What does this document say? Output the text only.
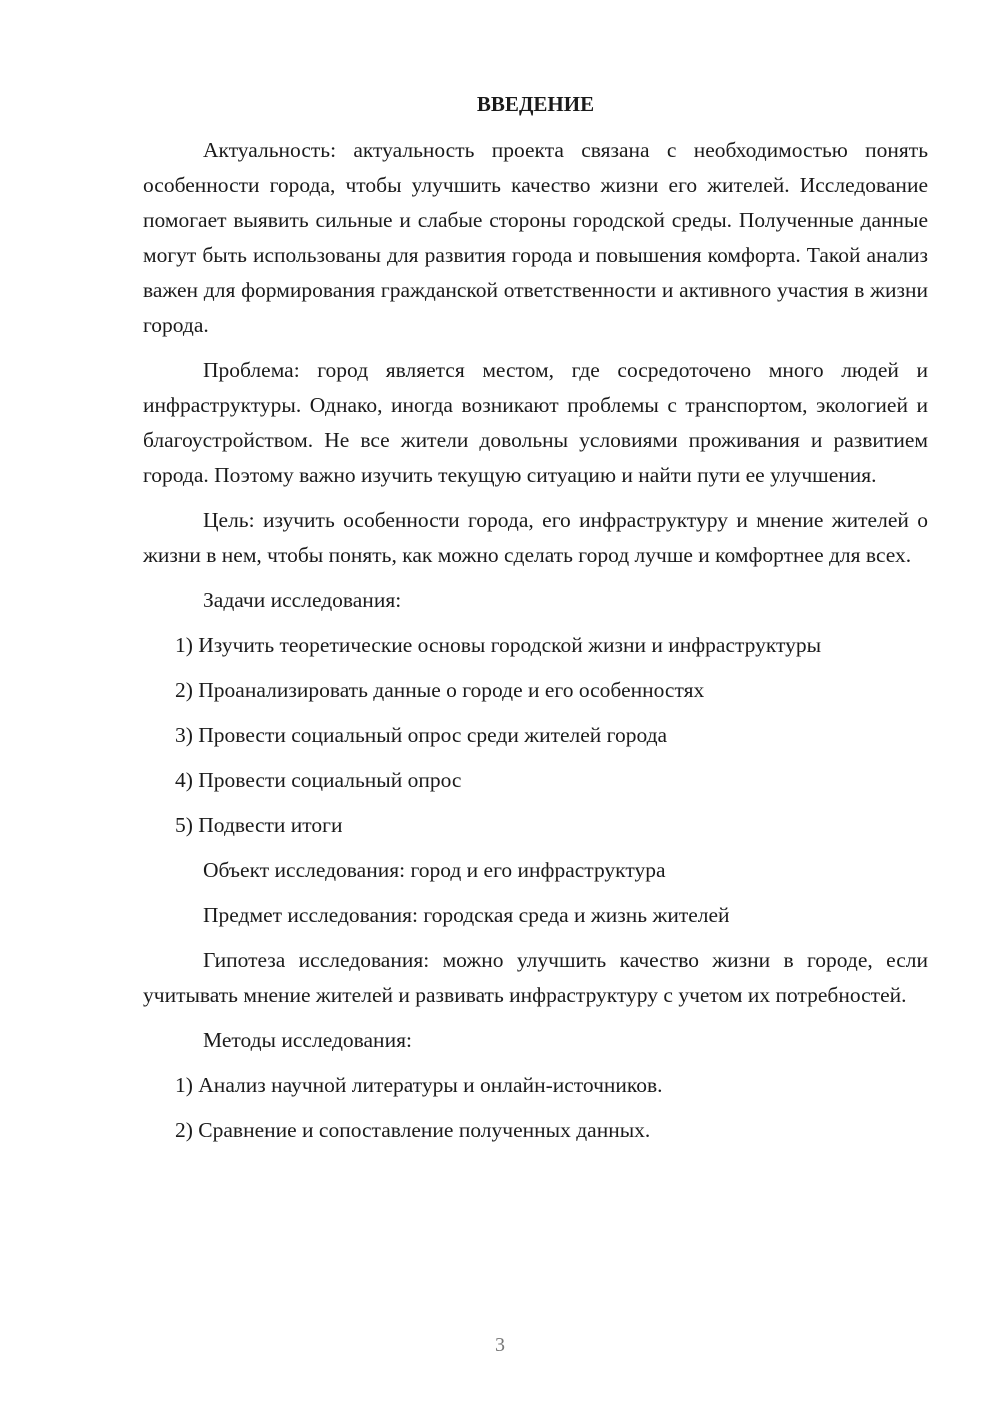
ВВЕДЕНИЕ

Актуальность: актуальность проекта связана с необходимостью понять особенности города, чтобы улучшить качество жизни его жителей. Исследование помогает выявить сильные и слабые стороны городской среды. Полученные данные могут быть использованы для развития города и повышения комфорта. Такой анализ важен для формирования гражданской ответственности и активного участия в жизни города.

Проблема: город является местом, где сосредоточено много людей и инфраструктуры. Однако, иногда возникают проблемы с транспортом, экологией и благоустройством. Не все жители довольны условиями проживания и развитием города. Поэтому важно изучить текущую ситуацию и найти пути ее улучшения.

Цель: изучить особенности города, его инфраструктуру и мнение жителей о жизни в нем, чтобы понять, как можно сделать город лучше и комфортнее для всех.

Задачи исследования:

1) Изучить теоретические основы городской жизни и инфраструктуры

2) Проанализировать данные о городе и его особенностях

3) Провести социальный опрос среди жителей города

4) Провести социальный опрос

5) Подвести итоги

Объект исследования: город и его инфраструктура

Предмет исследования: городская среда и жизнь жителей

Гипотеза исследования: можно улучшить качество жизни в городе, если учитывать мнение жителей и развивать инфраструктуру с учетом их потребностей.

Методы исследования:

1) Анализ научной литературы и онлайн-источников.

2) Сравнение и сопоставление полученных данных.

3
